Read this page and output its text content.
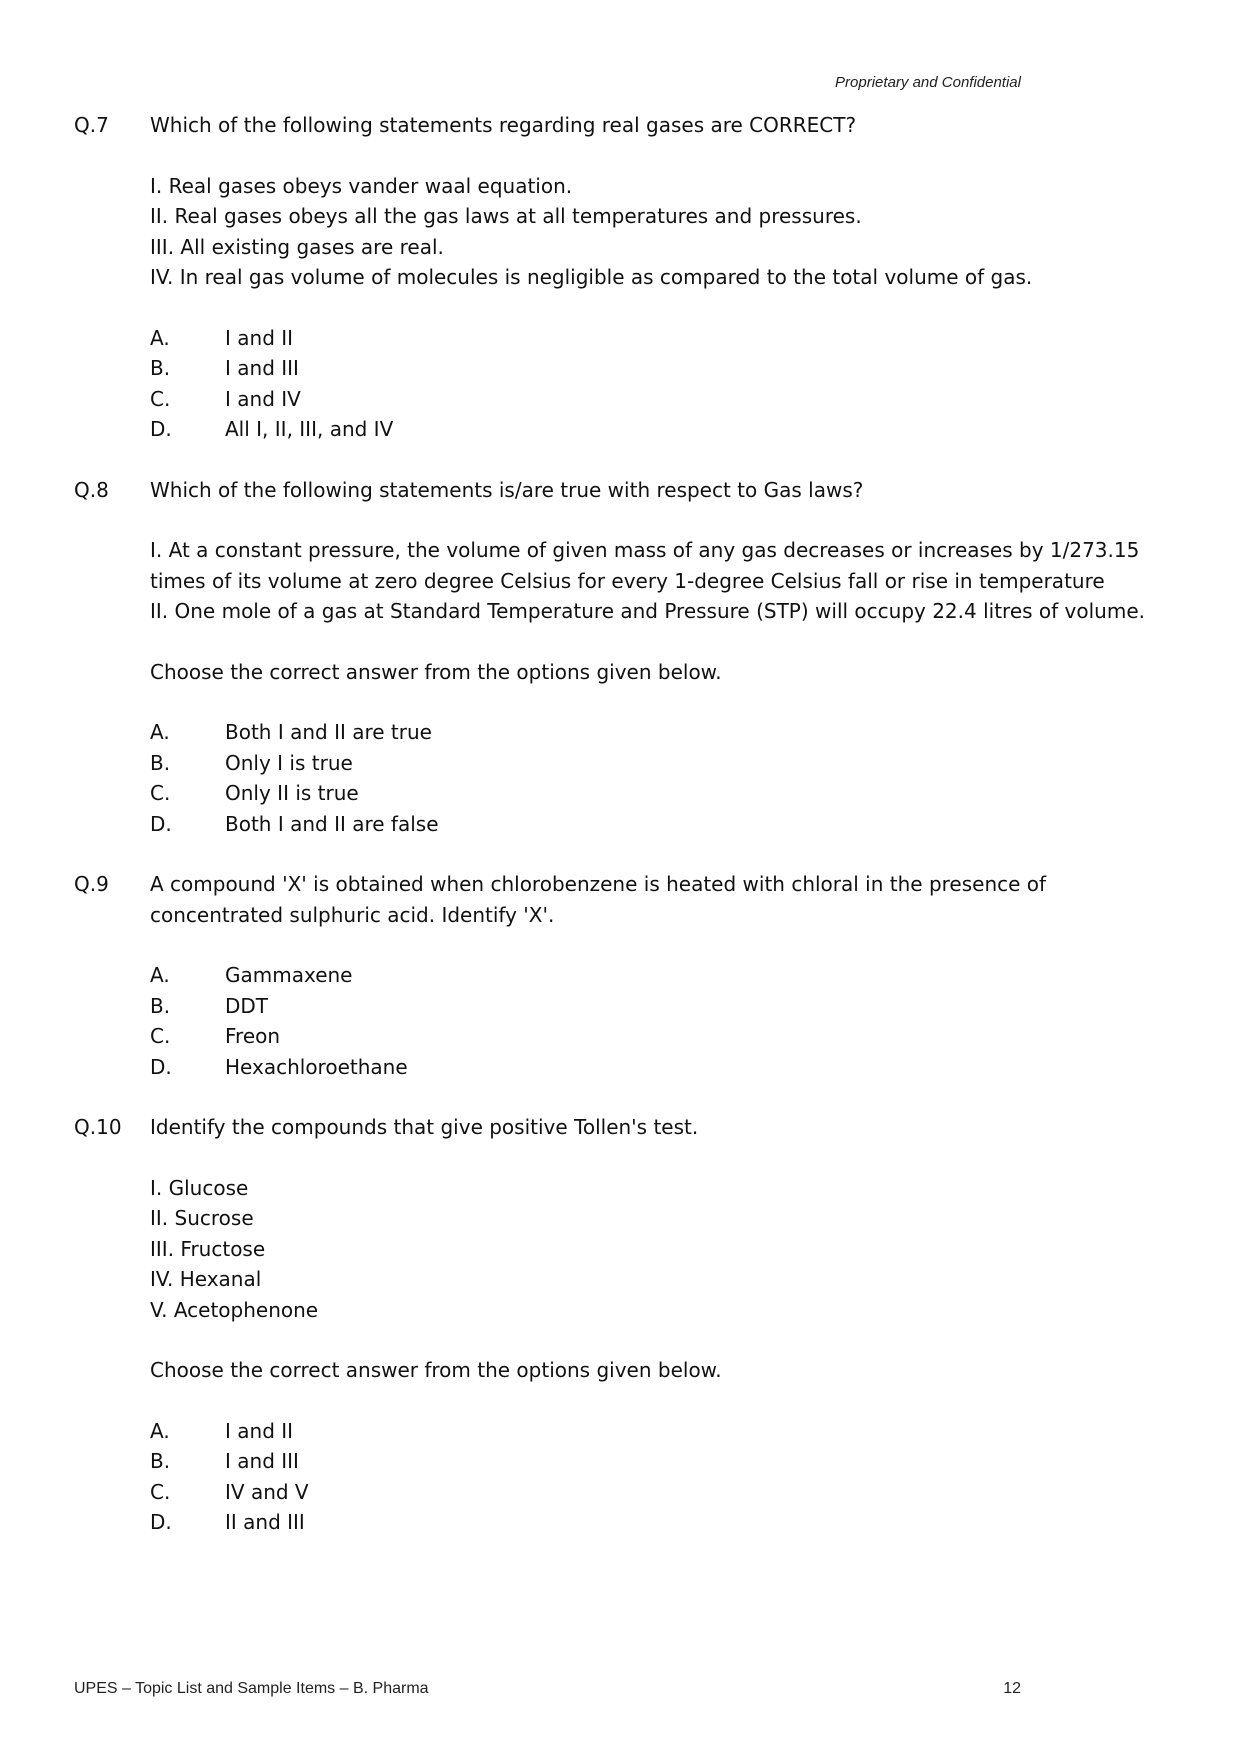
Proprietary and Confidential
Q.7	Which of the following statements regarding real gases are CORRECT?
I. Real gases obeys vander waal equation.
II. Real gases obeys all the gas laws at all temperatures and pressures.
III. All existing gases are real.
IV. In real gas volume of molecules is negligible as compared to the total volume of gas.
A.	I and II
B.	I and III
C.	I and IV
D.	All I, II, III, and IV
Q.8	Which of the following statements is/are true with respect to Gas laws?
I. At a constant pressure, the volume of given mass of any gas decreases or increases by 1/273.15
times of its volume at zero degree Celsius for every 1-degree Celsius fall or rise in temperature
II. One mole of a gas at Standard Temperature and Pressure (STP) will occupy 22.4 litres of volume.
Choose the correct answer from the options given below.
A.	Both I and II are true
B.	Only I is true
C.	Only II is true
D.	Both I and II are false
Q.9	A compound 'X' is obtained when chlorobenzene is heated with chloral in the presence of
concentrated sulphuric acid. Identify 'X'.
A.	Gammaxene
B.	DDT
C.	Freon
D.	Hexachloroethane
Q.10	Identify the compounds that give positive Tollen's test.
I. Glucose
II. Sucrose
III. Fructose
IV. Hexanal
V. Acetophenone
Choose the correct answer from the options given below.
A.	I and II
B.	I and III
C.	IV and V
D.	II and III
UPES – Topic List and Sample Items – B. Pharma	12
